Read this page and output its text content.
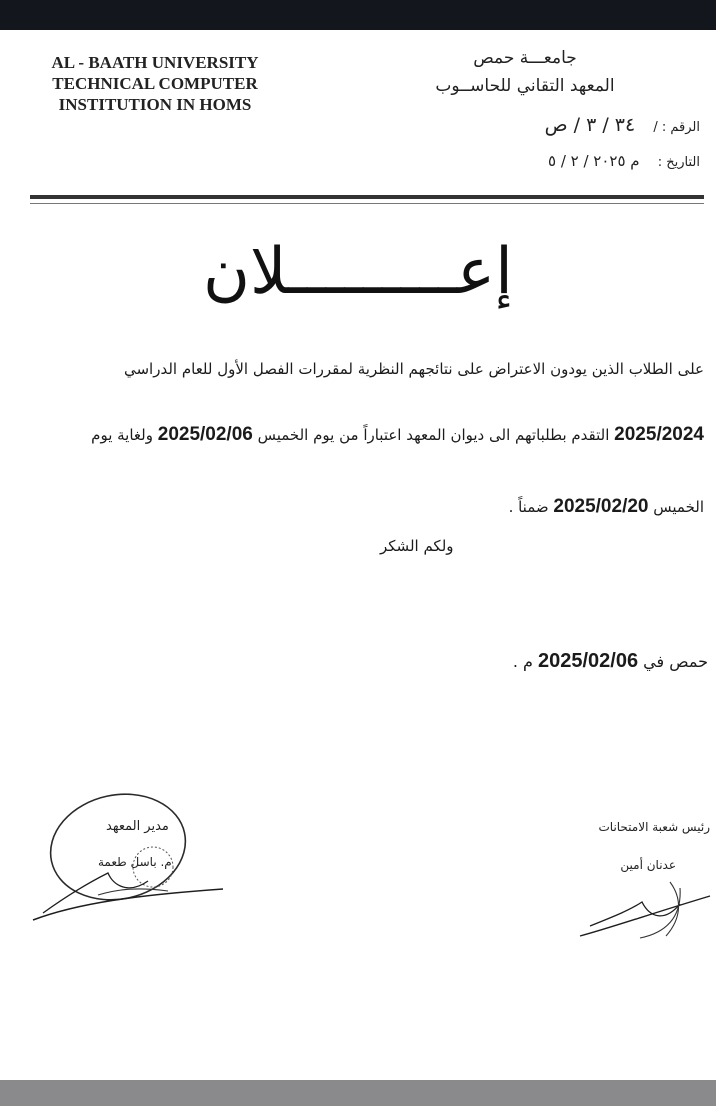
AL - BAATH UNIVERSITY
TECHNICAL COMPUTER
INSTITUTION IN HOMS
جامعـــة حمص
المعهد التقاني للحاســوب
الرقم : / ٣٤ / ٣ / ص
التاريخ : م ٢٠٢٥ / ٢ / ٥
إعـــــــــلان
على الطلاب الذين يودون الاعتراض على نتائجهم النظرية لمقررات الفصل الأول للعام الدراسي
2025/2024 التقدم بطلباتهم الى ديوان المعهد اعتباراً من يوم الخميس 2025/02/06 ولغاية يوم
الخميس 2025/02/20 ضمناً .
ولكم الشكر
حمص في 2025/02/06 م .
مدير المعهد
م. باسل طعمة
رئيس شعبة الامتحانات
عدنان أمين
